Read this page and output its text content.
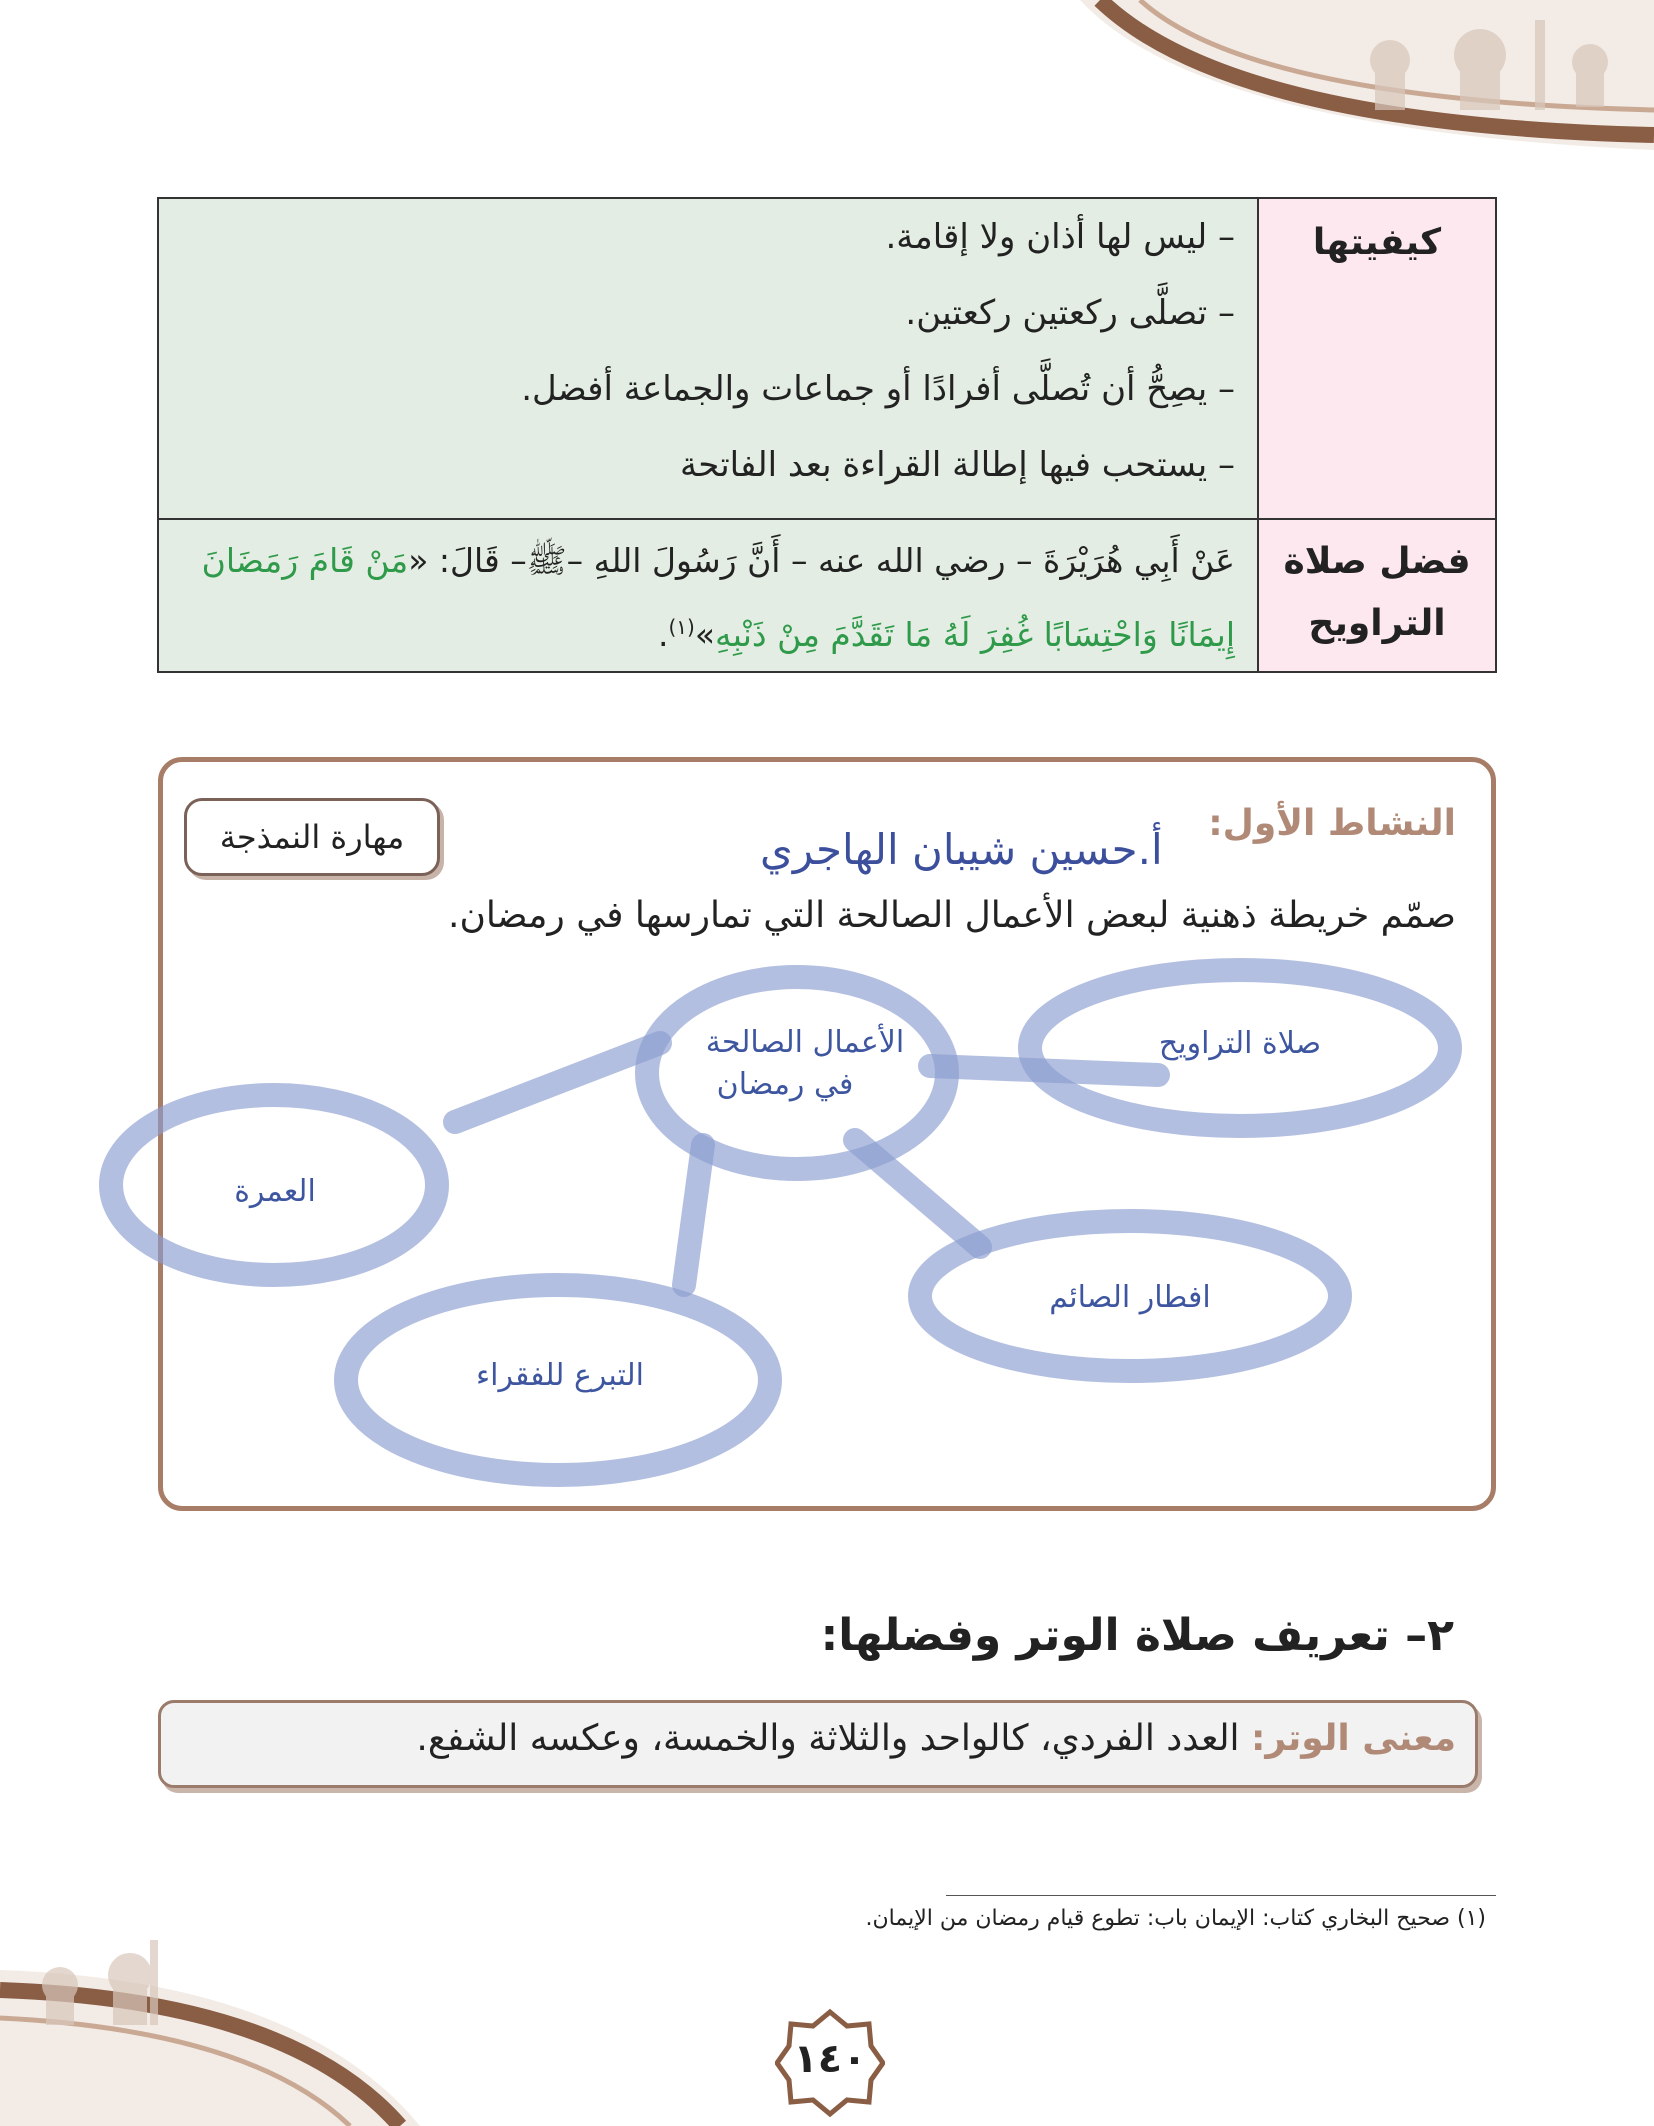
كيفيتها	– ليس لها أذان ولا إقامة.

– تصلَّى ركعتين ركعتين.

– يصِحُّ أن تُصلَّى أفرادًا أو جماعات والجماعة أفضل.

– يستحب فيها إطالة القراءة بعد الفاتحة

فضل صلاة
التراويح	عَنْ أَبِي هُرَيْرَةَ – رضي الله عنه – أَنَّ رَسُولَ اللهِ –ﷺ– قَالَ: «مَنْ قَامَ رَمَضَانَ إِيمَانًا وَاحْتِسَابًا غُفِرَ لَهُ مَا تَقَدَّمَ مِنْ ذَنْبِهِ»$^{(١)}$.
النشاط الأول:
مهارة النمذجة	أ.حسين شيبان الهاجري
صمّم خريطة ذهنية لبعض الأعمال الصالحة التي تمارسها في رمضان.
الأعمال الصالحة
في رمضان
صلاة التراويح
العمرة
افطار الصائم
التبرع للفقراء
٢– تعريف صلاة الوتر وفضلها:
معنى الوتر: العدد الفردي، كالواحد والثلاثة والخمسة، وعكسه الشفع.
(١) صحيح البخاري كتاب: الإيمان باب: تطوع قيام رمضان من الإيمان.
١٤٠
